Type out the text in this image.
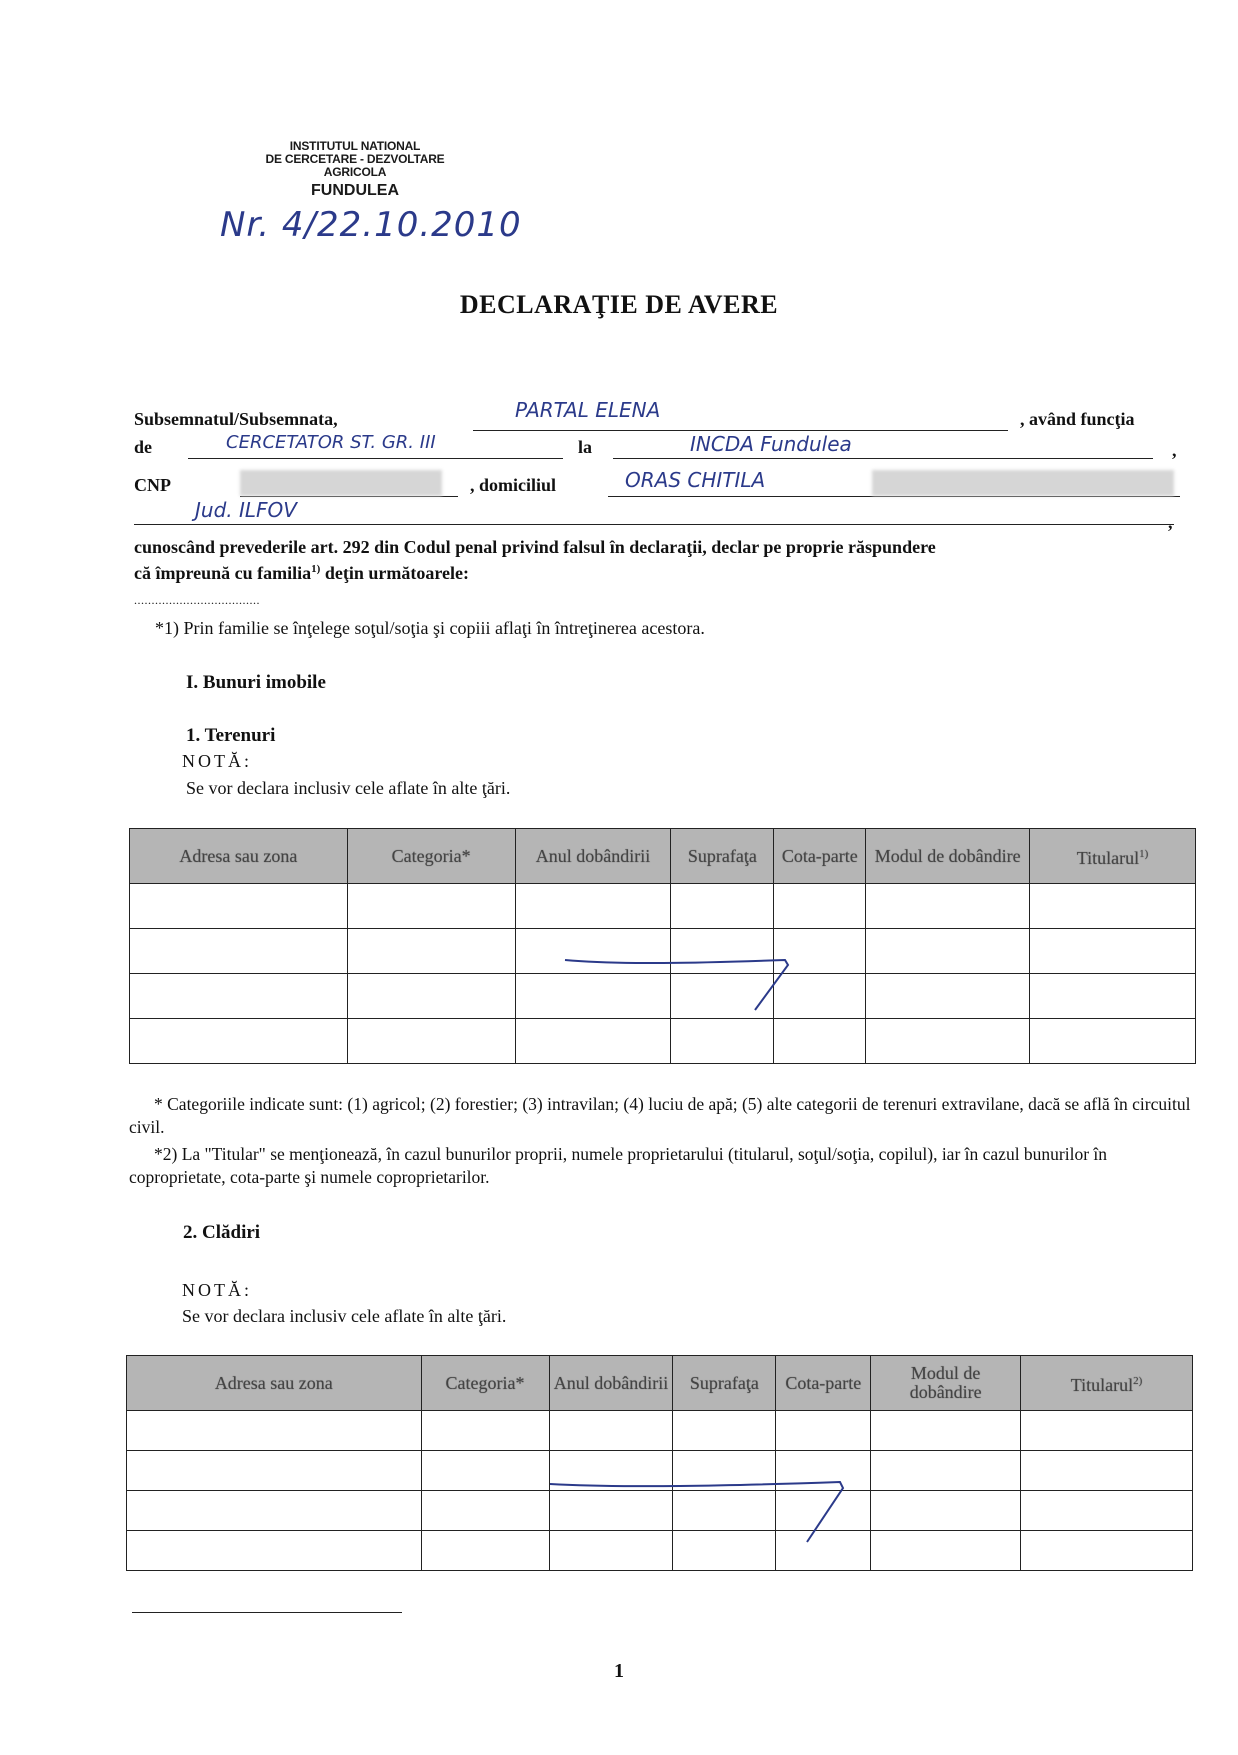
INSTITUTUL NATIONAL
DE CERCETARE - DEZVOLTARE
AGRICOLA
FUNDULEA
Nr. 4/22.10.2010
DECLARAŢIE DE AVERE
Subsemnatul/Subsemnata,	PARTAL ELENA	, având funcţia
de	CERCETATOR ST. GR. III	la	INCDA Fundulea	,
CNP	, domiciliul	ORAS CHITILA
Jud. ILFOV	,
cunoscând prevederile art. 292 din Codul penal privind falsul în declaraţii, declar pe proprie răspundere
că împreună cu familia$^{1)}$ deţin următoarele:
....................................
*1) Prin familie se înţelege soţul/soţia şi copiii aflaţi în întreţinerea acestora.
I. Bunuri imobile
1. Terenuri
NOTĂ:
Se vor declara inclusiv cele aflate în alte ţări.
Adresa sau zona	Categoria*	Anul dobândirii	Suprafaţa	Cota-parte	Modul de dobândire	Titularul$^{1)}$

* Categoriile indicate sunt: (1) agricol; (2) forestier; (3) intravilan; (4) luciu de apă; (5) alte categorii de terenuri extravilane, dacă se află în circuitul civil.
*2) La "Titular" se menţionează, în cazul bunurilor proprii, numele proprietarului (titularul, soţul/soţia, copilul), iar în cazul bunurilor în coproprietate, cota-parte şi numele coproprietarilor.
2. Clădiri
NOTĂ:
Se vor declara inclusiv cele aflate în alte ţări.
Adresa sau zona	Categoria*	Anul dobândirii	Suprafaţa	Cota-parte	Modul de dobândire	Titularul$^{2)}$

1
